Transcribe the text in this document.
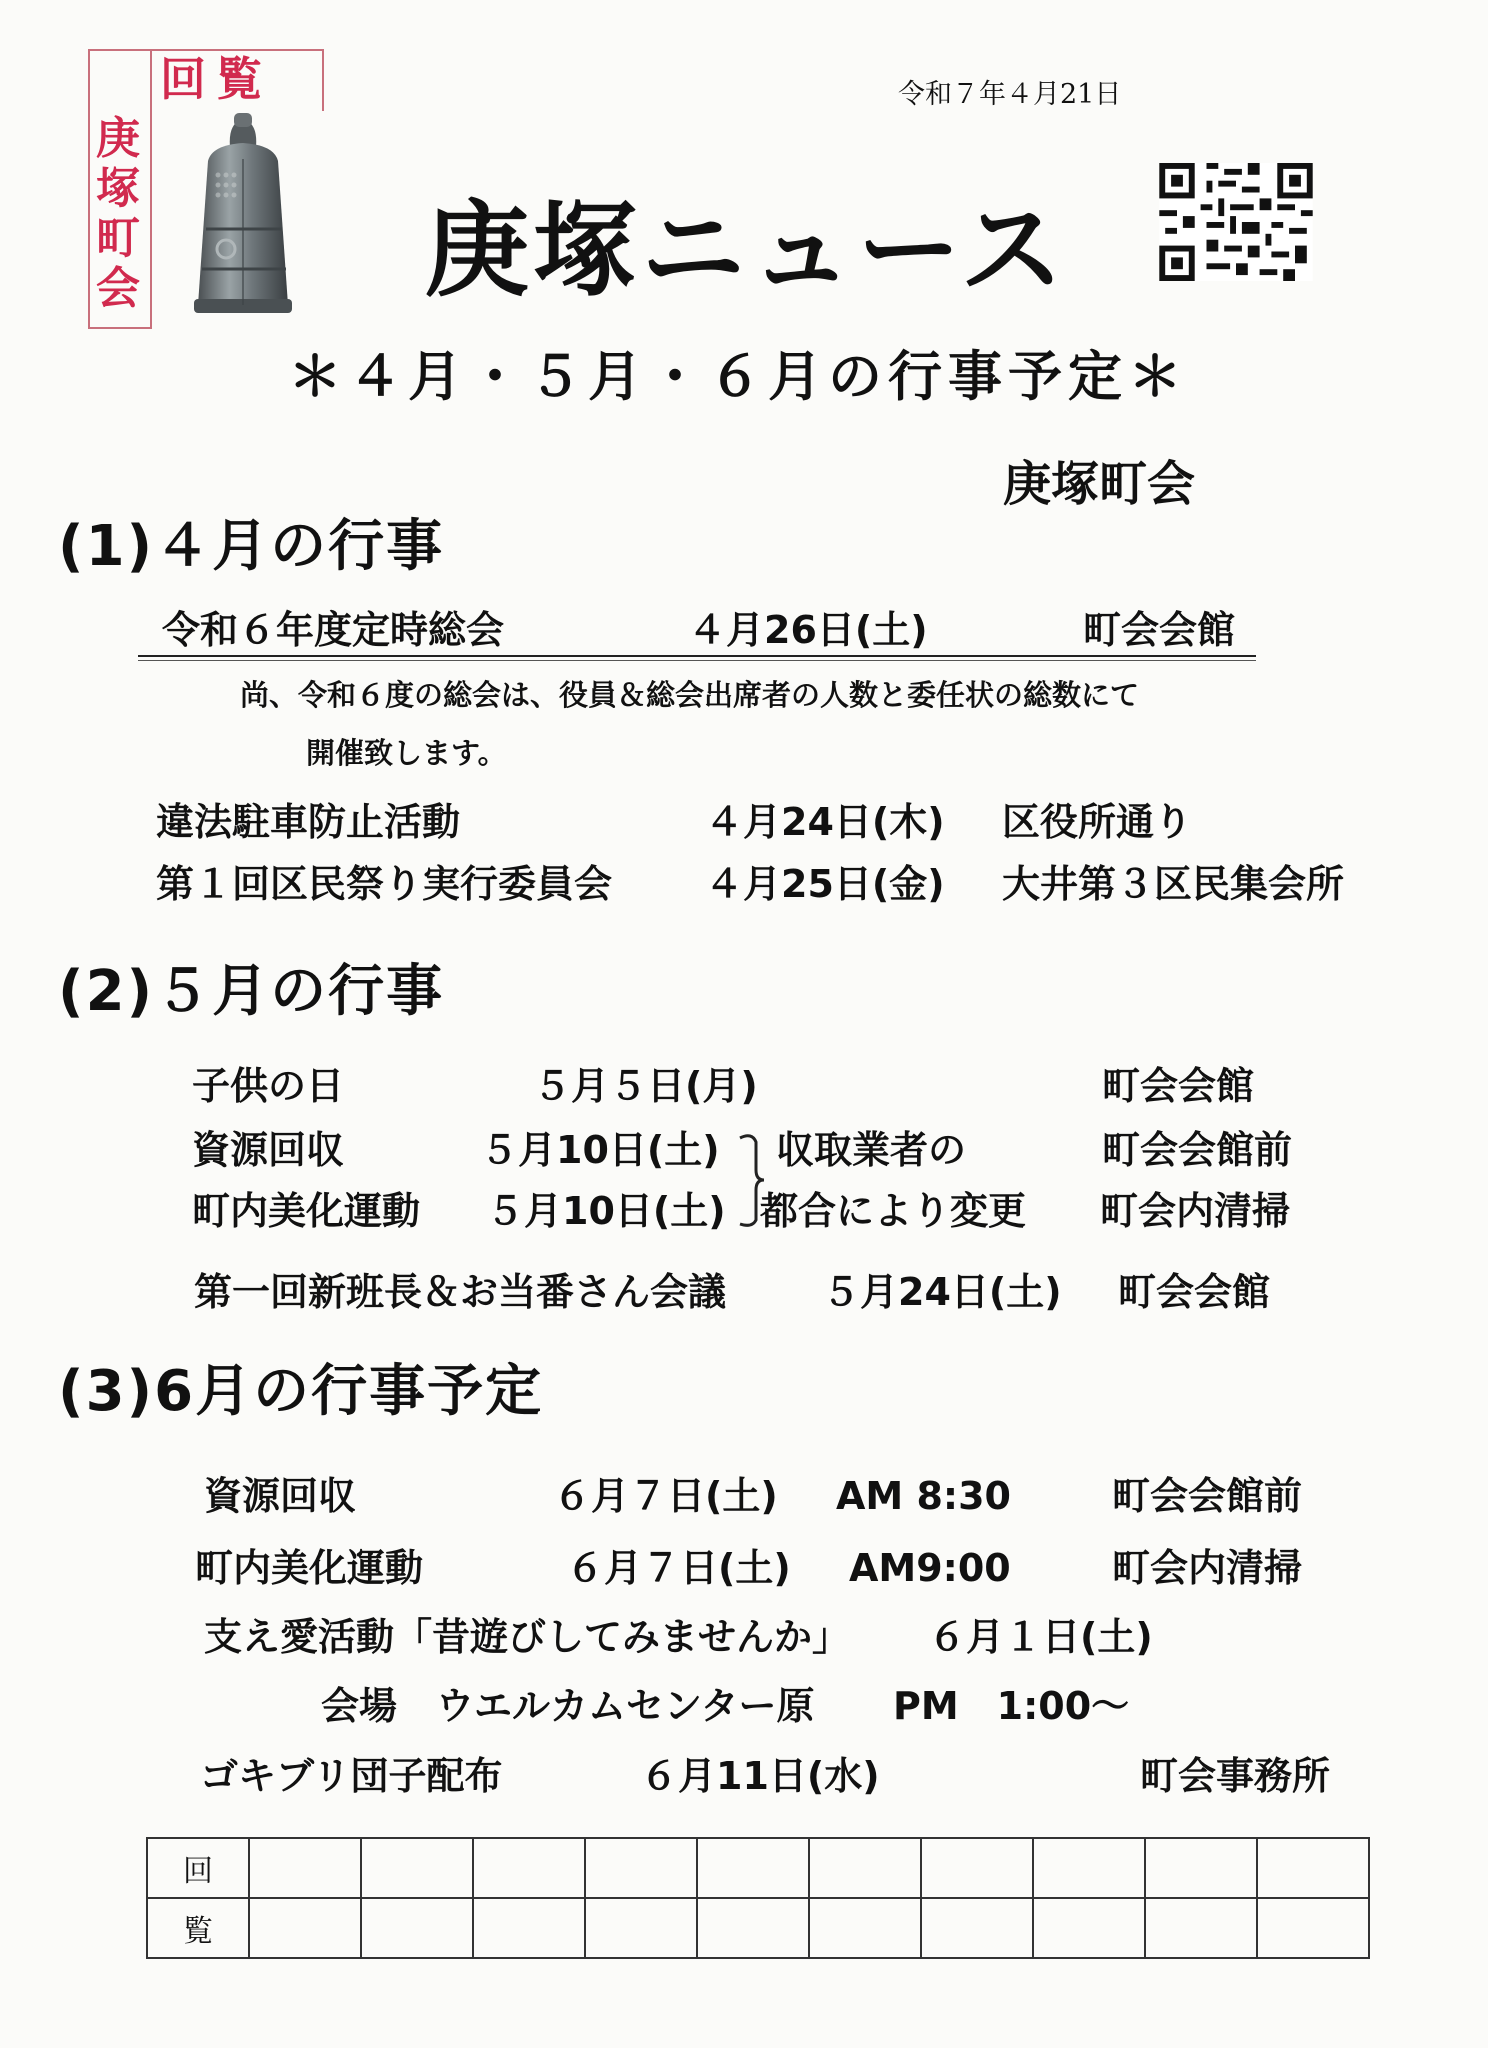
回覧
庚
塚
町
会
令和７年４月21日
庚塚ニュース
＊４月・５月・６月の行事予定＊
庚塚町会
(1)４月の行事
令和６年度定時総会	４月26日(土)	町会会館
尚、令和６度の総会は、役員＆総会出席者の人数と委任状の総数にて
開催致します。
違法駐車防止活動	４月24日(木) 区役所通り
第１回区民祭り実行委員会 ４月25日(金) 大井第３区民集会所
(2)５月の行事
子供の日	５月５日(月)	町会会館
資源回収	５月10日(土) 収取業者の	町会会館前
町内美化運動 ５月10日(土) 都合により変更 町会内清掃
第一回新班長＆お当番さん会議	５月24日(土) 町会会館
(3)6月の行事予定
資源回収	６月７日(土) AM 8:30	町会会館前
町内美化運動	６月７日(土) AM9:00	町会内清掃
支え愛活動「昔遊びしてみませんか」 ６月１日(土)
会場 ウエルカムセンター原 PM　1:00～
ゴキブリ団子配布	６月11日(水)	町会事務所
回										
覧										
